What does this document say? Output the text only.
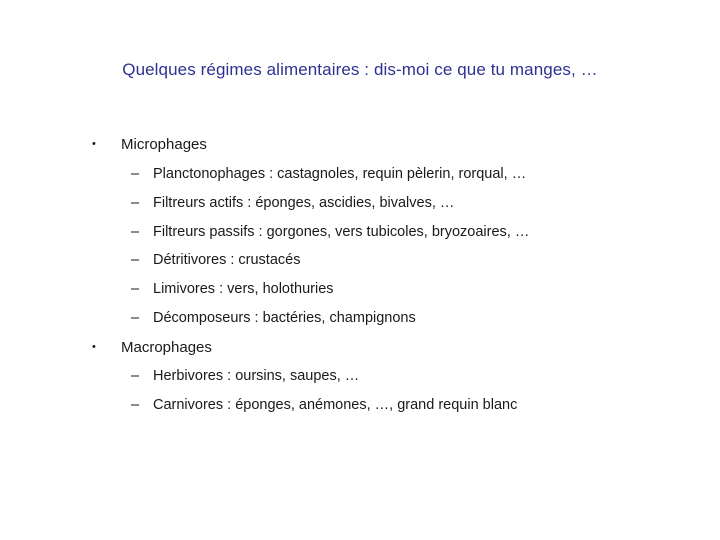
Quelques régimes alimentaires : dis-moi ce que tu manges, …
• Microphages
– Planctonophages : castagnoles, requin pèlerin, rorqual, …
– Filtreurs actifs : éponges, ascidies, bivalves, …
– Filtreurs passifs : gorgones, vers tubicoles, bryozoaires, …
– Détritivores : crustacés
– Limivores : vers, holothuries
– Décomposeurs : bactéries, champignons
• Macrophages
– Herbivores : oursins, saupes, …
– Carnivores : éponges, anémones, …, grand requin blanc
